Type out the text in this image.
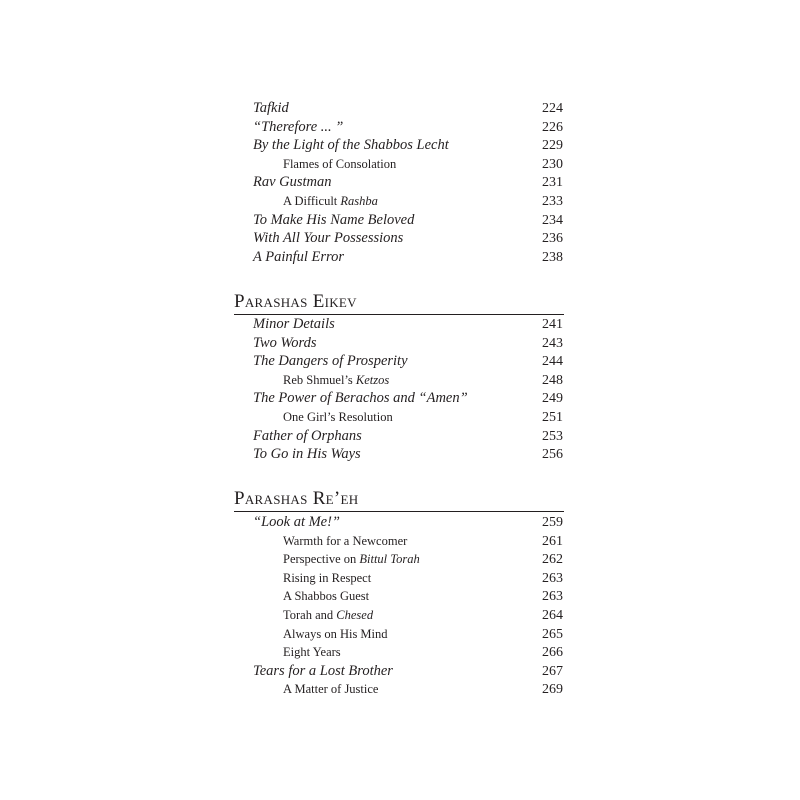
Tafkid	224
“Therefore ... ”	226
By the Light of the Shabbos Lecht	229
Flames of Consolation	230
Rav Gustman	231
A Difficult Rashba	233
To Make His Name Beloved	234
With All Your Possessions	236
A Painful Error	238
Parashas Eikev
Minor Details	241
Two Words	243
The Dangers of Prosperity	244
Reb Shmuel’s Ketzos	248
The Power of Berachos and “Amen”	249
One Girl’s Resolution	251
Father of Orphans	253
To Go in His Ways	256
Parashas Re’eh
“Look at Me!”	259
Warmth for a Newcomer	261
Perspective on Bittul Torah	262
Rising in Respect	263
A Shabbos Guest	263
Torah and Chesed	264
Always on His Mind	265
Eight Years	266
Tears for a Lost Brother	267
A Matter of Justice	269
